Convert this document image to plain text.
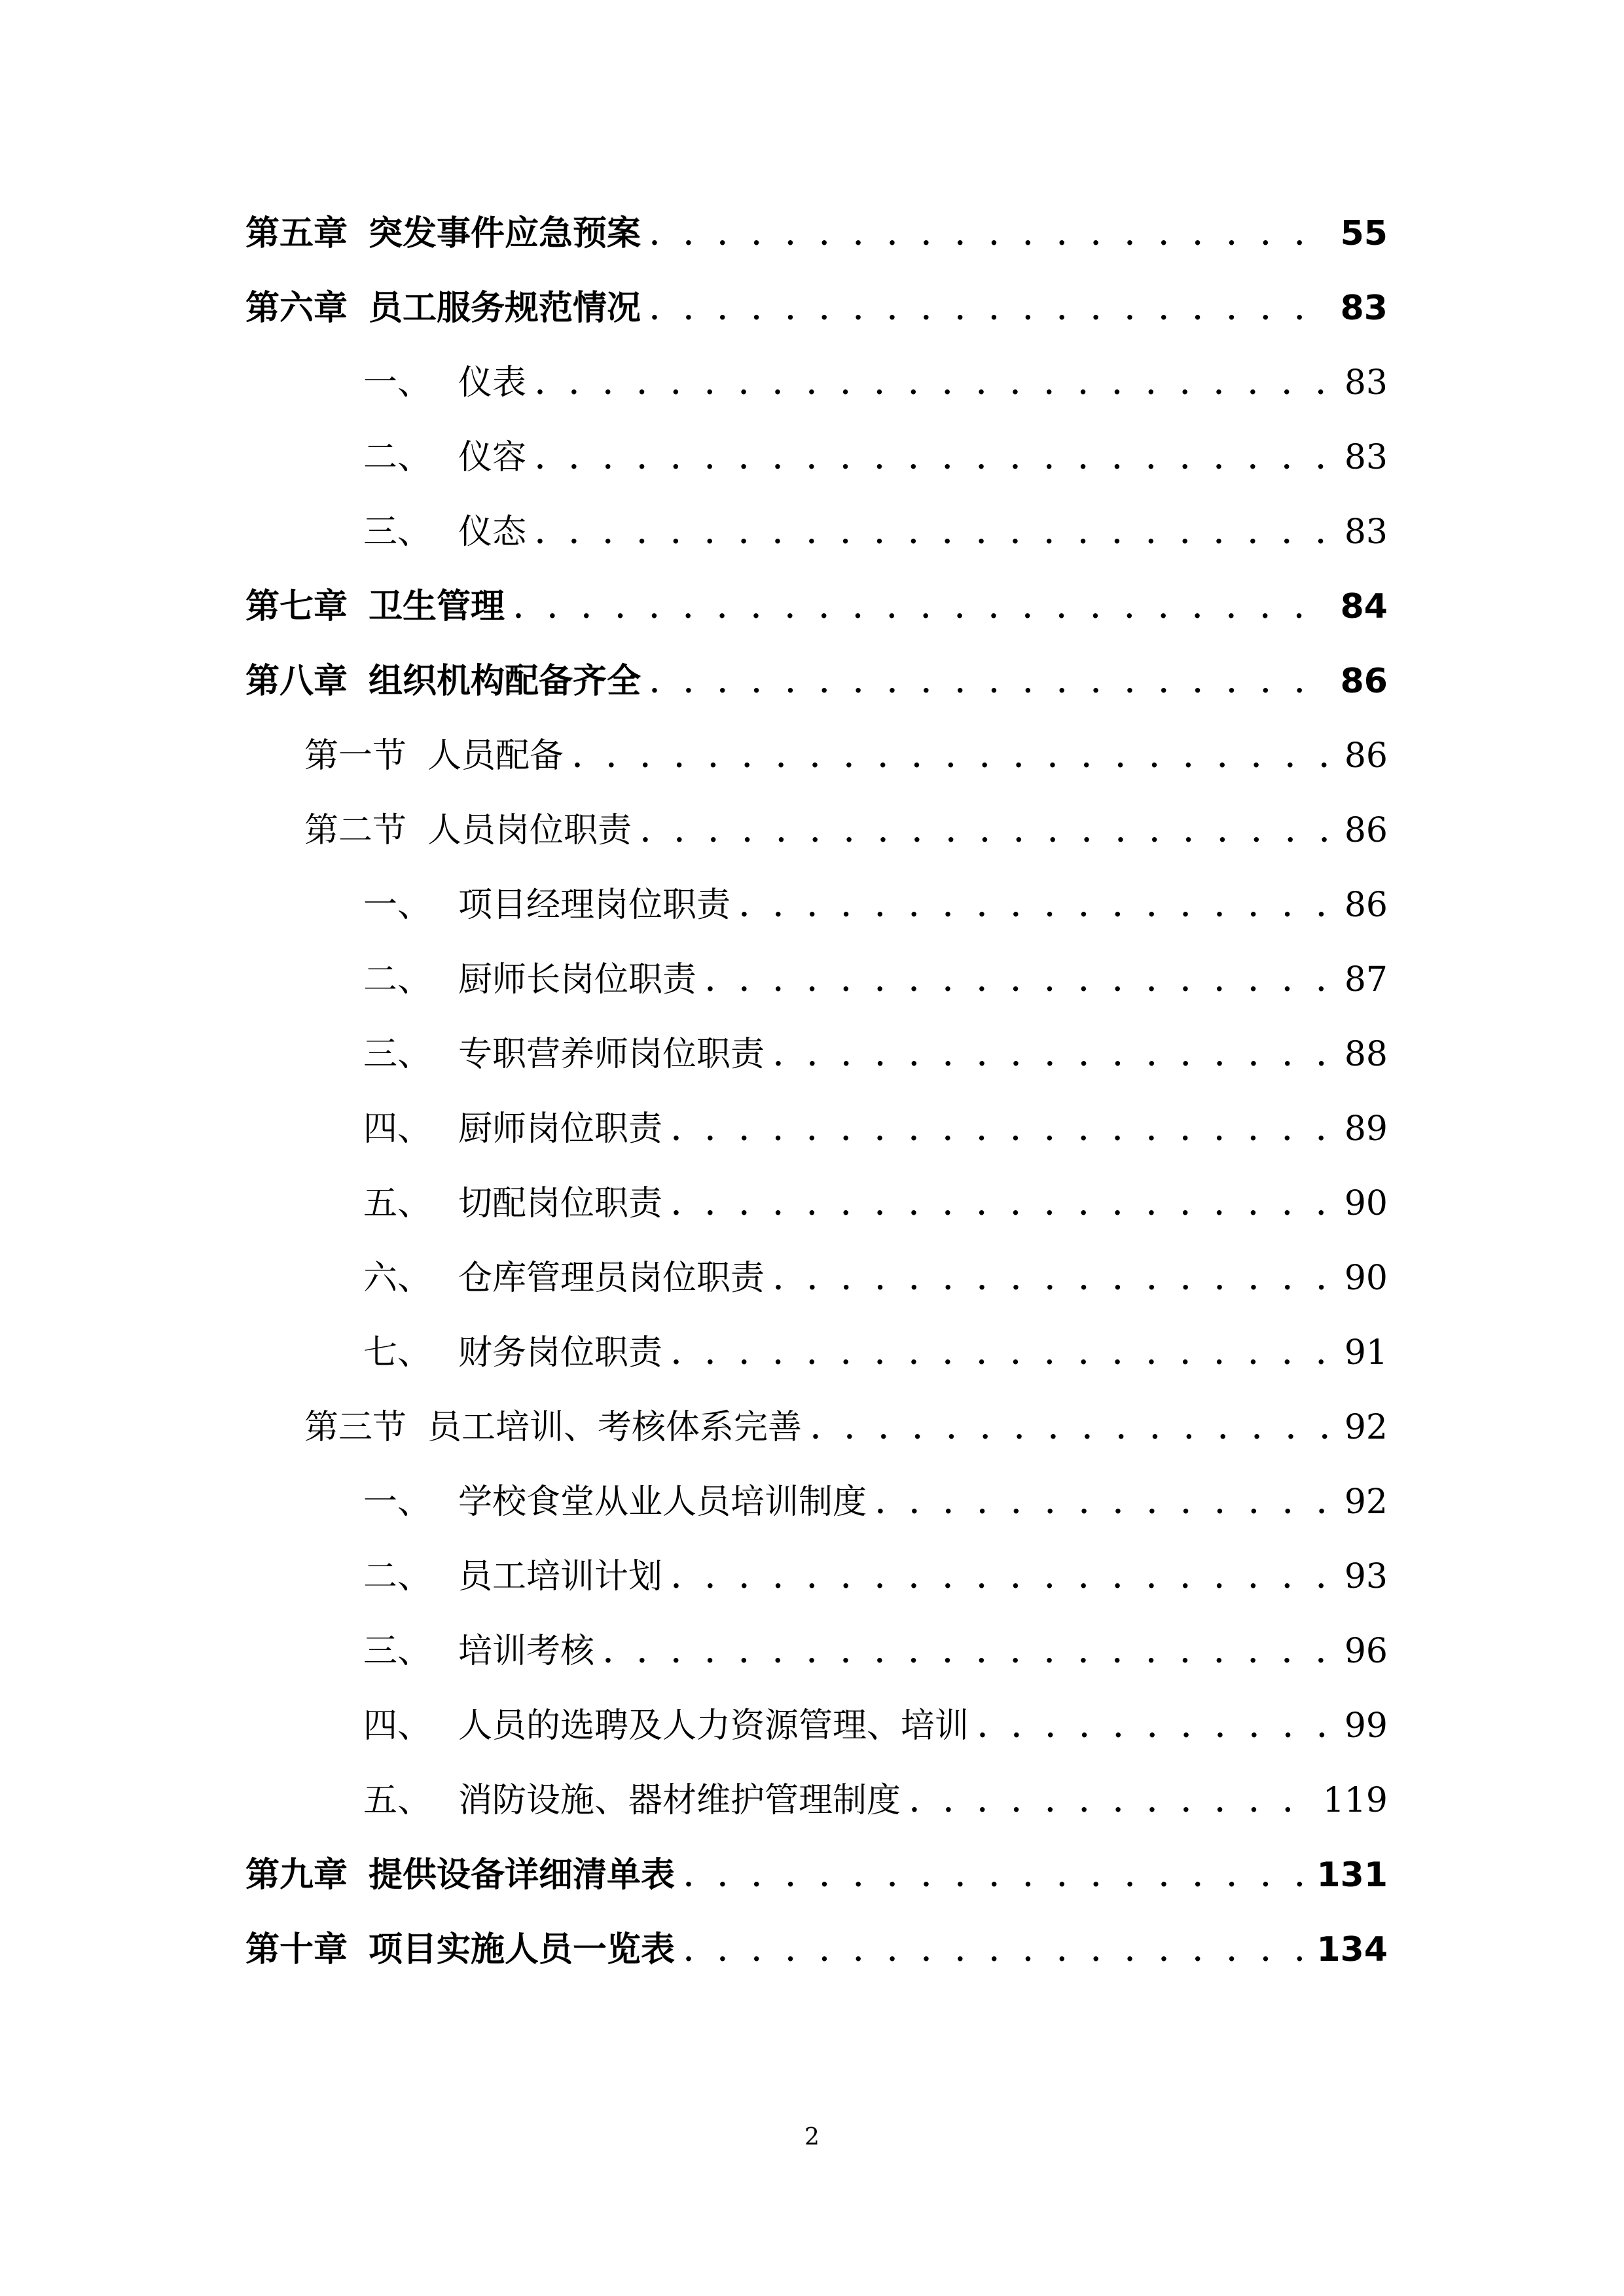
第五章 突发事件应急预案 . . .	55
第六章 员工服务规范情况 . . .	83
一、 仪表 . . .	83
二、 仪容 . . .	83
三、 仪态 . . .	83
第七章 卫生管理 . . .	84
第八章 组织机构配备齐全 . . .	86
第一节 人员配备 . . .	86
第二节 人员岗位职责 . . .	86
一、 项目经理岗位职责 . . .	86
二、 厨师长岗位职责 . . .	87
三、 专职营养师岗位职责 . . .	88
四、 厨师岗位职责 . . .	89
五、 切配岗位职责 . . .	90
六、 仓库管理员岗位职责 . . .	90
七、 财务岗位职责 . . .	91
第三节 员工培训、考核体系完善 . . .	92
一、 学校食堂从业人员培训制度 . . .	92
二、 员工培训计划 . . .	93
三、 培训考核 . . .	96
四、 人员的选聘及人力资源管理、培训 . . .	99
五、 消防设施、器材维护管理制度 . . .	119
第九章 提供设备详细清单表 . . .	131
第十章 项目实施人员一览表 . . .	134
2
